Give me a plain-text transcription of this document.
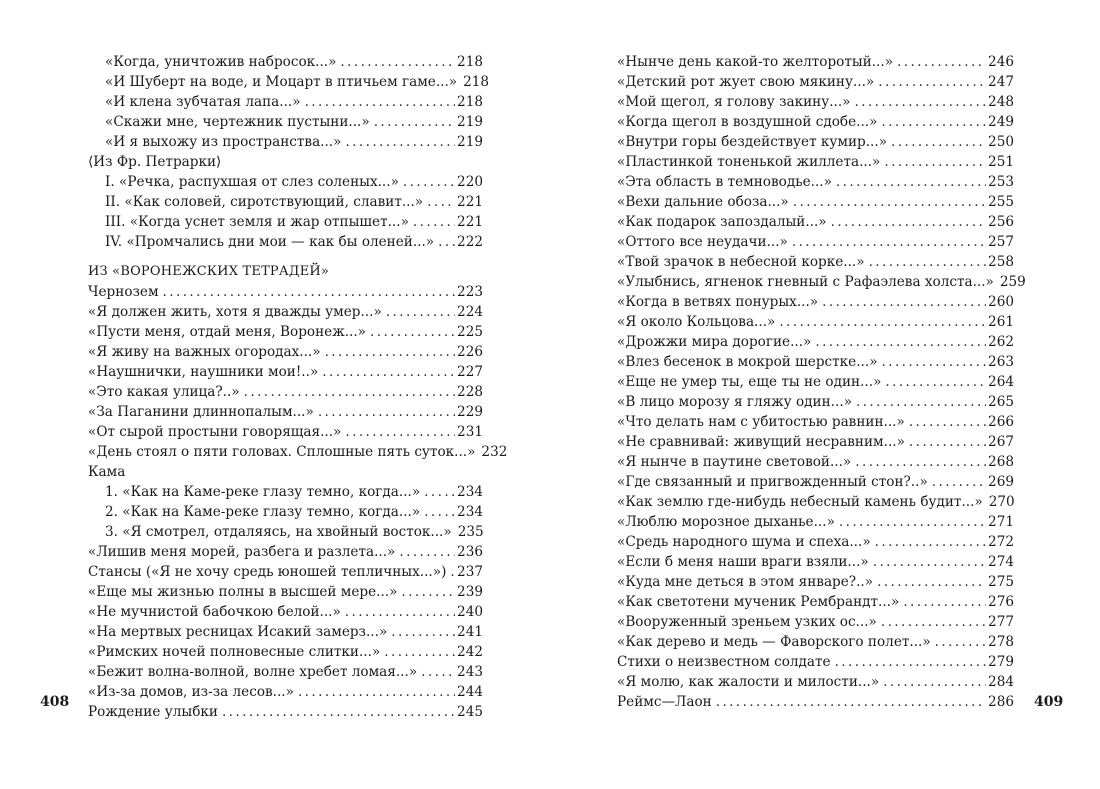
«Когда, уничтожив набросок...» .....	218
«И Шуберт на воде, и Моцарт в птичьем гаме...» 218
«И клена зубчатая лапа...» .....	218
«Скажи мне, чертежник пустыни...» .....	219
«И я выхожу из пространства...» .....	219
⟨Из Фр. Петрарки⟩
I. «Речка, распухшая от слез соленых...» .....	220
II. «Как соловей, сиротствующий, славит...» ..... 221
III. «Когда уснет земля и жар отпышет...» .....	221
IV. «Промчались дни мои — как бы оленей...» ..... 222
ИЗ «ВОРОНЕЖСКИХ ТЕТРАДЕЙ»
Чернозем .....	223
«Я должен жить, хотя я дважды умер...» .....	224
«Пусти меня, отдай меня, Воронеж...» .....	225
«Я живу на важных огородах...» .....	226
«Наушнички, наушники мои!..» .....	227
«Это какая улица?..» .....	228
«За Паганини длиннопалым...» .....	229
«От сырой простыни говорящая...» .....	231
«День стоял о пяти головах. Сплошные пять суток...» 232
Кама
1. «Как на Каме-реке глазу темно, когда...» .....	234
2. «Как на Каме-реке глазу темно, когда...» .....	234
3. «Я смотрел, отдаляясь, на хвойный восток...» 235
«Лишив меня морей, разбега и разлета...» .....	236
Стансы («Я не хочу средь юношей тепличных...») ..... 237
«Еще мы жизнью полны в высшей мере...» .....	239
«Не мучнистой бабочкою белой...» .....	240
«На мертвых ресницах Исакий замерз...» .....	241
«Римских ночей полновесные слитки...» .....	242
«Бежит волна-волной, волне хребет ломая...» .....	243
«Из-за домов, из-за лесов...» .....	244
Рождение улыбки .....	245
«Нынче день какой-то желторотый...» .....	246
«Детский рот жует свою мякину...» .....	247
«Мой щегол, я голову закину...» .....	248
«Когда щегол в воздушной сдобе...» .....	249
«Внутри горы бездействует кумир...» .....	250
«Пластинкой тоненькой жиллета...» .....	251
«Эта область в темноводье...» .....	253
«Вехи дальние обоза...» .....	255
«Как подарок запоздалый...» .....	256
«Оттого все неудачи...» .....	257
«Твой зрачок в небесной корке...» .....	258
«Улыбнись, ягненок гневный с Рафаэлева холста...» 259
«Когда в ветвях понурых...» .....	260
«Я около Кольцова...» .....	261
«Дрожжи мира дорогие...» .....	262
«Влез бесенок в мокрой шерстке...» .....	263
«Еще не умер ты, еще ты не один...» .....	264
«В лицо морозу я гляжу один...» .....	265
«Что делать нам с убитостью равнин...» .....	266
«Не сравнивай: живущий несравним...» .....	267
«Я нынче в паутине световой...» .....	268
«Где связанный и пригвожденный стон?..» .....	269
«Как землю где-нибудь небесный камень будит...» 270
«Люблю морозное дыханье...» .....	271
«Средь народного шума и спеха...» .....	272
«Если б меня наши враги взяли...» .....	274
«Куда мне деться в этом январе?..» .....	275
«Как светотени мученик Рембрандт...» .....	276
«Вооруженный зреньем узких ос...» .....	277
«Как дерево и медь — Фаворского полет...» .....	278
Стихи о неизвестном солдате .....	279
«Я молю, как жалости и милости...» .....	284
Реймс—Лаон .....	286
408	409
